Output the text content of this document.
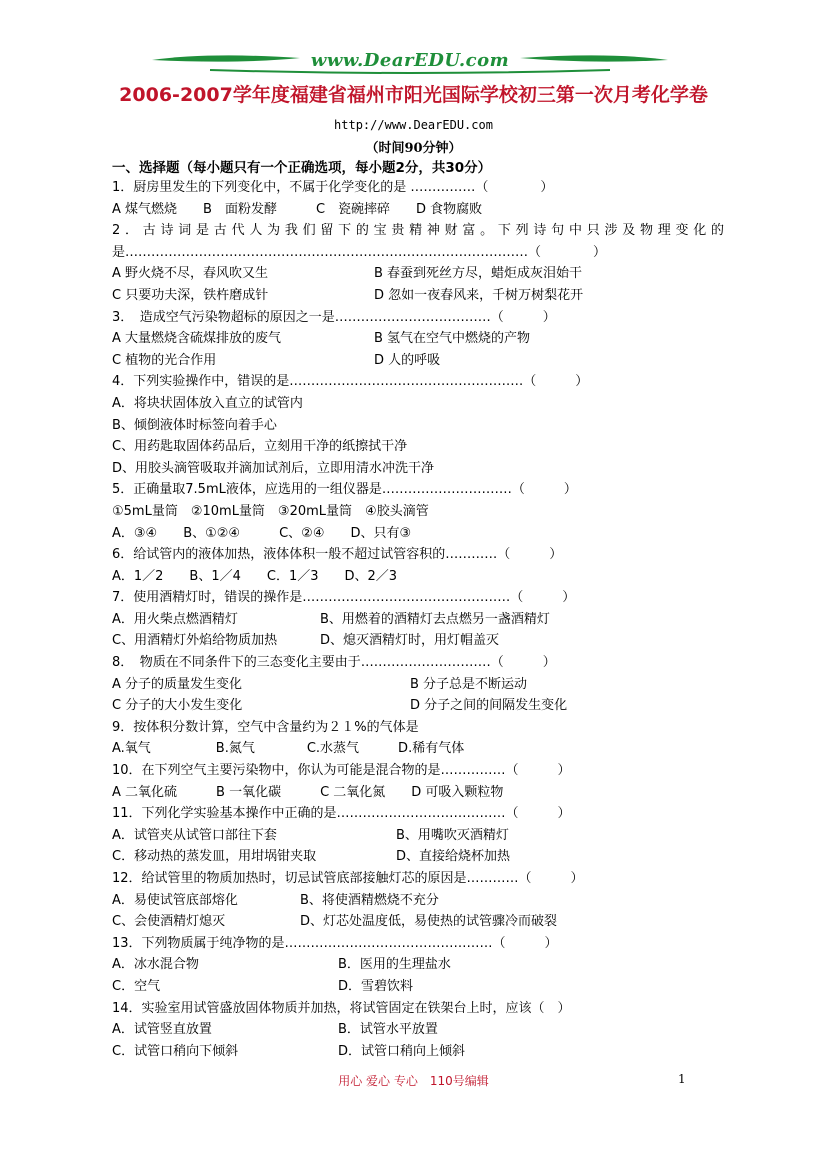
www.DearEDU.com
2006-2007学年度福建省福州市阳光国际学校初三第一次月考化学卷
http://www.DearEDU.com
（时间90分钟）
一、选择题（每小题只有一个正确选项，每小题2分，共30分）
1．厨房里发生的下列变化中，不属于化学变化的是 ……………（　　　　）
A 煤气燃烧　　B　面粉发酵　　　C　瓷碗摔碎　　D 食物腐败
2．古诗词是古代人为我们留下的宝贵精神财富。下列诗句中只涉及物理变化的
是…………………………………………………………………………………（　　　　）
A 野火烧不尽，春风吹又生	B 春蚕到死丝方尽，蜡炬成灰泪始干
C 只要功夫深，铁杵磨成针	D 忽如一夜春风来，千树万树梨花开
3．　造成空气污染物超标的原因之一是………………………………（　　　）
A 大量燃烧含硫煤排放的废气	B 氢气在空气中燃烧的产物
C 植物的光合作用	D 人的呼吸
4．下列实验操作中，错误的是………………………………………………（　　　）
A．将块状固体放入直立的试管内
B、倾倒液体时标签向着手心
C、用药匙取固体药品后，立刻用干净的纸擦拭干净
D、用胶头滴管吸取并滴加试剂后，立即用清水冲洗干净
5．正确量取7.5mL液体，应选用的一组仪器是…………………………（　　　）
①5mL量筒　②10mL量筒　③20mL量筒　④胶头滴管
A．③④　　B、①②④　　　C、②④　　D、只有③
6．给试管内的液体加热，液体体积一般不超过试管容积的…………（　　　）
A．1／2　　B、1／4　　C．1／3　　D、2／3
7．使用酒精灯时，错误的操作是…………………………………………（　　　）
A．用火柴点燃酒精灯	B、用燃着的酒精灯去点燃另一盏酒精灯
C、用酒精灯外焰给物质加热	D、熄灭酒精灯时，用灯帽盖灭
8．　物质在不同条件下的三态变化主要由于…………………………（　　　）
A 分子的质量发生变化	B 分子总是不断运动
C 分子的大小发生变化	D 分子之间的间隔发生变化
9．按体积分数计算，空气中含量约为２１%的气体是
A.氧气　　　　　B.氮气　　　　C.水蒸气　　　D.稀有气体
10．在下列空气主要污染物中，你认为可能是混合物的是……………（　　　）
A 二氧化硫　　　B 一氧化碳　　　C 二氧化氮　　D 可吸入颗粒物
11．下列化学实验基本操作中正确的是…………………………………（　　　）
A．试管夹从试管口部往下套	B、用嘴吹灭酒精灯
C．移动热的蒸发皿，用坩埚钳夹取	D、直接给烧杯加热
12．给试管里的物质加热时，切忌试管底部接触灯芯的原因是…………（　　　）
A．易使试管底部熔化	B、将使酒精燃烧不充分
C、会使酒精灯熄灭	D、灯芯处温度低，易使热的试管骤冷而破裂
13．下列物质属于纯净物的是…………………………………………（　　　）
A．冰水混合物	B．医用的生理盐水
C．空气	D．雪碧饮料
14．实验室用试管盛放固体物质并加热，将试管固定在铁架台上时，应该（　）
A．试管竖直放置	B．试管水平放置
C．试管口稍向下倾斜	D．试管口稍向上倾斜
用心 爱心 专心　110号编辑	1
